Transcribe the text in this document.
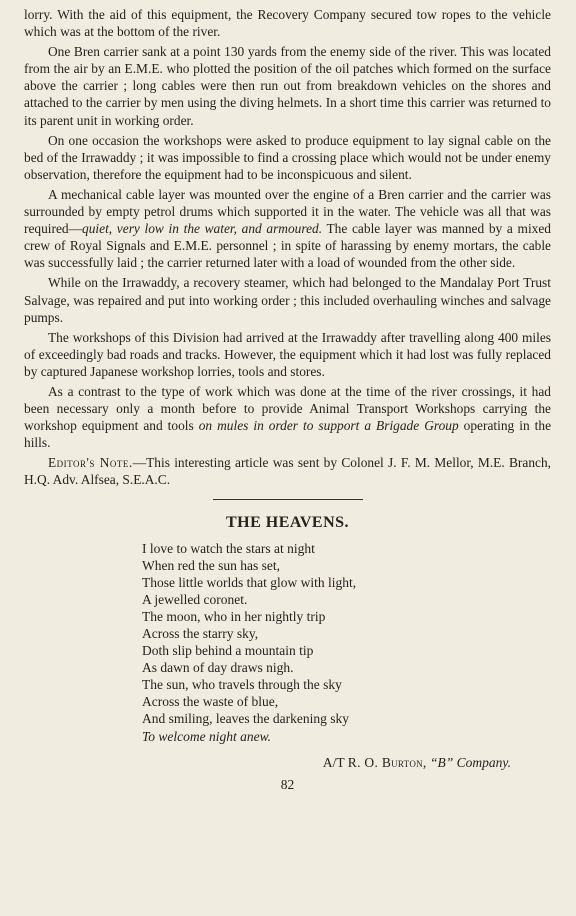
lorry. With the aid of this equipment, the Recovery Company secured tow ropes to the vehicle which was at the bottom of the river.

One Bren carrier sank at a point 130 yards from the enemy side of the river. This was located from the air by an E.M.E. who plotted the position of the oil patches which formed on the surface above the carrier ; long cables were then run out from breakdown vehicles on the shores and attached to the carrier by men using the diving helmets. In a short time this carrier was returned to its parent unit in working order.

On one occasion the workshops were asked to produce equipment to lay signal cable on the bed of the Irrawaddy ; it was impossible to find a crossing place which would not be under enemy observation, therefore the equipment had to be inconspicuous and silent.

A mechanical cable layer was mounted over the engine of a Bren carrier and the carrier was surrounded by empty petrol drums which supported it in the water. The vehicle was all that was required—quiet, very low in the water, and armoured. The cable layer was manned by a mixed crew of Royal Signals and E.M.E. personnel ; in spite of harassing by enemy mortars, the cable was successfully laid ; the carrier returned later with a load of wounded from the other side.

While on the Irrawaddy, a recovery steamer, which had belonged to the Mandalay Port Trust Salvage, was repaired and put into working order ; this included overhauling winches and salvage pumps.

The workshops of this Division had arrived at the Irrawaddy after travelling along 400 miles of exceedingly bad roads and tracks. However, the equipment which it had lost was fully replaced by captured Japanese workshop lorries, tools and stores.

As a contrast to the type of work which was done at the time of the river crossings, it had been necessary only a month before to provide Animal Transport Workshops carrying the workshop equipment and tools on mules in order to support a Brigade Group operating in the hills.

Editor's Note.—This interesting article was sent by Colonel J. F. M. Mellor, M.E. Branch, H.Q. Adv. Alfsea, S.E.A.C.

THE HEAVENS.
I love to watch the stars at night
When red the sun has set,
Those little worlds that glow with light,
A jewelled coronet.
The moon, who in her nightly trip
Across the starry sky,
Doth slip behind a mountain tip
As dawn of day draws nigh.
The sun, who travels through the sky
Across the waste of blue,
And smiling, leaves the darkening sky
To welcome night anew.
A/T R. O. Burton, “B” Company.
82
